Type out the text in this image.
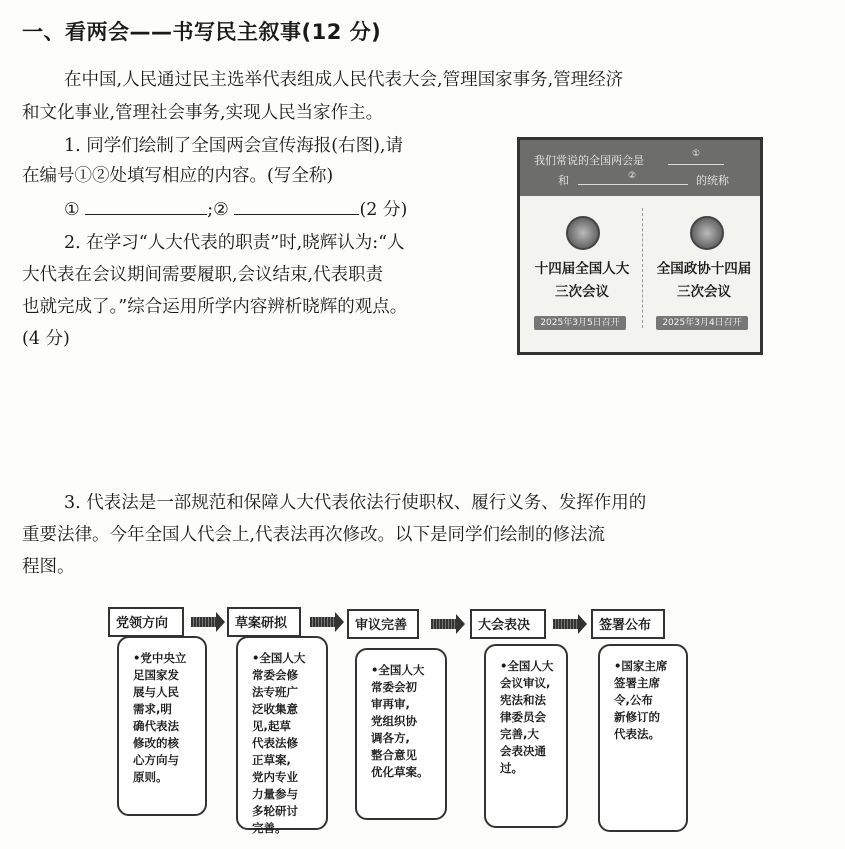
一、看两会——书写民主叙事(12 分)
在中国,人民通过民主选举代表组成人民代表大会,管理国家事务,管理经济
和文化事业,管理社会事务,实现人民当家作主。
1. 同学们绘制了全国两会宣传海报(右图),请
在编号①②处填写相应的内容。(写全称)
①	;②	(2 分)
2. 在学习“人大代表的职责”时,晓辉认为:“人
大代表在会议期间需要履职,会议结束,代表职责
也就完成了。”综合运用所学内容辨析晓辉的观点。
(4 分)
我们常说的全国两会是	①
和	②	的统称
十四届全国人大
三次会议
全国政协十四届
三次会议
2025年3月5日召开	2025年3月4日召开
3. 代表法是一部规范和保障人大代表依法行使职权、履行义务、发挥作用的
重要法律。今年全国人代会上,代表法再次修改。以下是同学们绘制的修法流
程图。
党领方向
•党中央立
足国家发
展与人民
需求,明
确代表法
修改的核
心方向与
原则。
草案研拟
•全国人大
常委会修
法专班广
泛收集意
见,起草
代表法修
正草案,
党内专业
力量参与
多轮研讨
完善。
审议完善
•全国人大
常委会初
审再审,
党组织协
调各方,
整合意见
优化草案。
大会表决
•全国人大
会议审议,
宪法和法
律委员会
完善,大
会表决通
过。
签署公布
•国家主席
签署主席
令,公布
新修订的
代表法。
